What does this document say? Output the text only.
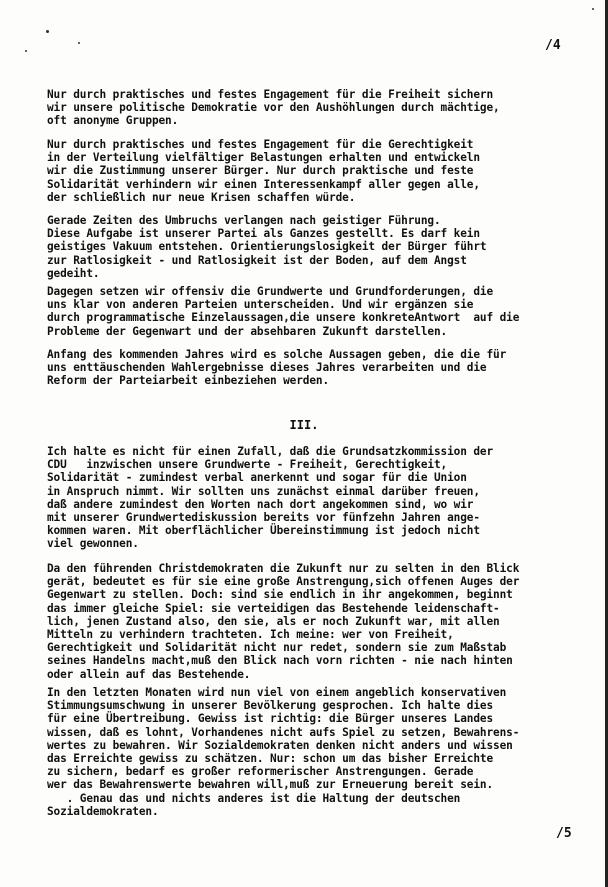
/4
Nur durch praktisches und festes Engagement für die Freiheit sichern
wir unsere politische Demokratie vor den Aushöhlungen durch mächtige,
oft anonyme Gruppen.
Nur durch praktisches und festes Engagement für die Gerechtigkeit
in der Verteilung vielfältiger Belastungen erhalten und entwickeln
wir die Zustimmung unserer Bürger. Nur durch praktische und feste
Solidarität verhindern wir einen Interessenkampf aller gegen alle,
der schließlich nur neue Krisen schaffen würde.
Gerade Zeiten des Umbruchs verlangen nach geistiger Führung.
Diese Aufgabe ist unserer Partei als Ganzes gestellt. Es darf kein
geistiges Vakuum entstehen. Orientierungslosigkeit der Bürger führt
zur Ratlosigkeit - und Ratlosigkeit ist der Boden, auf dem Angst
gedeiht.
Dagegen setzen wir offensiv die Grundwerte und Grundforderungen, die
uns klar von anderen Parteien unterscheiden. Und wir ergänzen sie
durch programmatische Einzelaussagen,die unsere konkreteAntwort  auf die
Probleme der Gegenwart und der absehbaren Zukunft darstellen.
Anfang des kommenden Jahres wird es solche Aussagen geben, die die für
uns enttäuschenden Wahlergebnisse dieses Jahres verarbeiten und die
Reform der Parteiarbeit einbeziehen werden.
III.
Ich halte es nicht für einen Zufall, daß die Grundsatzkommission der
CDU   inzwischen unsere Grundwerte - Freiheit, Gerechtigkeit,
Solidarität - zumindest verbal anerkennt und sogar für die Union
in Anspruch nimmt. Wir sollten uns zunächst einmal darüber freuen,
daß andere zumindest den Worten nach dort angekommen sind, wo wir
mit unserer Grundwertediskussion bereits vor fünfzehn Jahren ange-
kommen waren. Mit oberflächlicher Übereinstimmung ist jedoch nicht
viel gewonnen.
Da den führenden Christdemokraten die Zukunft nur zu selten in den Blick
gerät, bedeutet es für sie eine große Anstrengung,sich offenen Auges der
Gegenwart zu stellen. Doch: sind sie endlich in ihr angekommen, beginnt
das immer gleiche Spiel: sie verteidigen das Bestehende leidenschaft-
lich, jenen Zustand also, den sie, als er noch Zukunft war, mit allen
Mitteln zu verhindern trachteten. Ich meine: wer von Freiheit,
Gerechtigkeit und Solidarität nicht nur redet, sondern sie zum Maßstab
seines Handelns macht,muß den Blick nach vorn richten - nie nach hinten
oder allein auf das Bestehende.
In den letzten Monaten wird nun viel von einem angeblich konservativen
Stimmungsumschwung in unserer Bevölkerung gesprochen. Ich halte dies
für eine Übertreibung. Gewiss ist richtig: die Bürger unseres Landes
wissen, daß es lohnt, Vorhandenes nicht aufs Spiel zu setzen, Bewahrens-
wertes zu bewahren. Wir Sozialdemokraten denken nicht anders und wissen
das Erreichte gewiss zu schätzen. Nur: schon um das bisher Erreichte
zu sichern, bedarf es großer reformerischer Anstrengungen. Gerade
wer das Bewahrenswerte bewahren will,muß zur Erneuerung bereit sein.
. Genau das und nichts anderes ist die Haltung der deutschen
Sozialdemokraten.
/5
